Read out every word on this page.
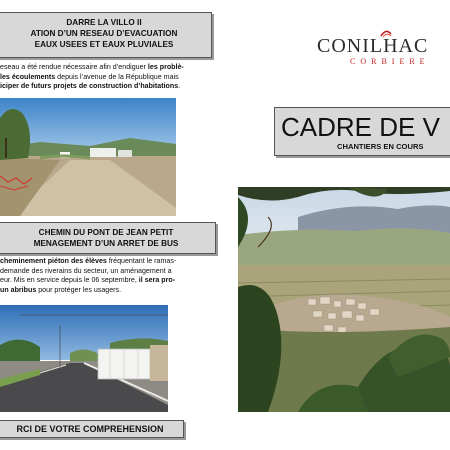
DARRE LA VILLO II
ATION D’UN RESEAU D’EVACUATION
EAUX USEES ET EAUX PLUVIALES
eseau a été rendue nécessaire afin d’endiguer les problè-
les écoulements depuis l’avenue de la République mais
iciper de futurs projets de construction d’habitations.
CHEMIN DU PONT DE JEAN PETIT
MENAGEMENT D’UN ARRET DE BUS
cheminement piéton des élèves fréquentant le ramas-
demande des riverains du secteur, un aménagement a
eur. Mis en service depuis le 06 septembre, il sera pro-
un abribus pour protéger les usagers.
RCI DE VOTRE COMPREHENSION
CONILHAC
CORBIERE
CADRE DE V
CHANTIERS EN COURS
